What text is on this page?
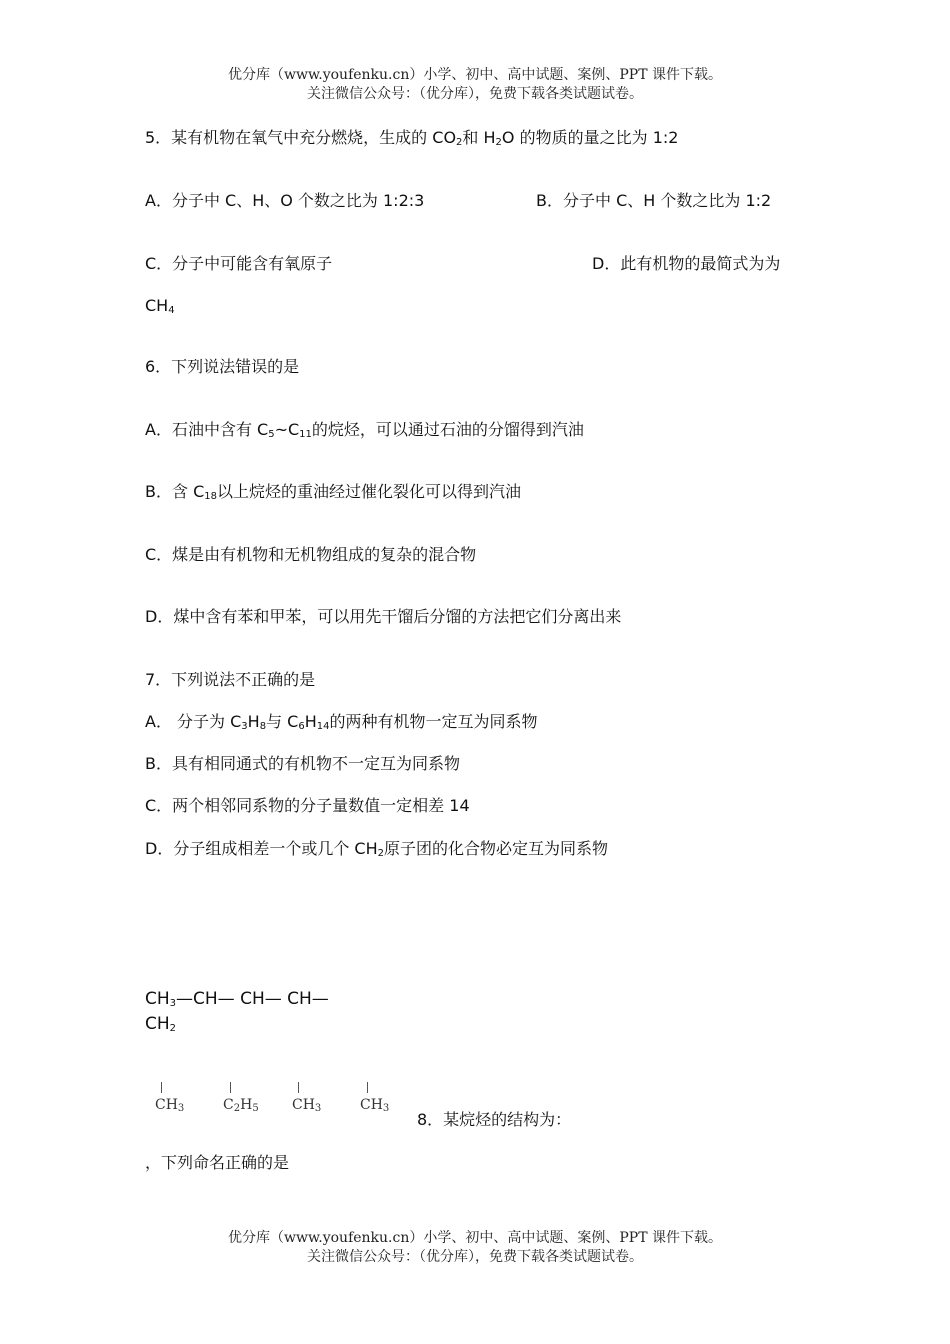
优分库（www.youfenku.cn）小学、初中、高中试题、案例、PPT 课件下载。
关注微信公众号：（优分库），免费下载各类试题试卷。
5．某有机物在氧气中充分燃烧，生成的 $CO_2$和 $H_2O$ 的物质的量之比为 1:2
A．分子中 C、H、O 个数之比为 1:2:3	B．分子中 C、H 个数之比为 1:2
C．分子中可能含有氧原子	D．此有机物的最简式为为
$CH_4$
6．下列说法错误的是
A．石油中含有 $C_5\sim C_{11}$的烷烃，可以通过石油的分馏得到汽油
B．含 $C_{18}$以上烷烃的重油经过催化裂化可以得到汽油
C．煤是由有机物和无机物组成的复杂的混合物
D．煤中含有苯和甲苯，可以用先干馏后分馏的方法把它们分离出来
7．下列说法不正确的是
A． 分子为 $C_3H_8$与 $C_6H_{14}$的两种有机物一定互为同系物
B．具有相同通式的有机物不一定互为同系物
C．两个相邻同系物的分子量数值一定相差 14
D．分子组成相差一个或几个 $CH_2$原子团的化合物必定互为同系物
$CH_3—CH—$ CH— CH—
$CH_2$
$CH_3$	$C_2H_5$ $CH_3$	$CH_3$
8．某烷烃的结构为：
，下列命名正确的是
优分库（www.youfenku.cn）小学、初中、高中试题、案例、PPT 课件下载。
关注微信公众号：（优分库），免费下载各类试题试卷。
